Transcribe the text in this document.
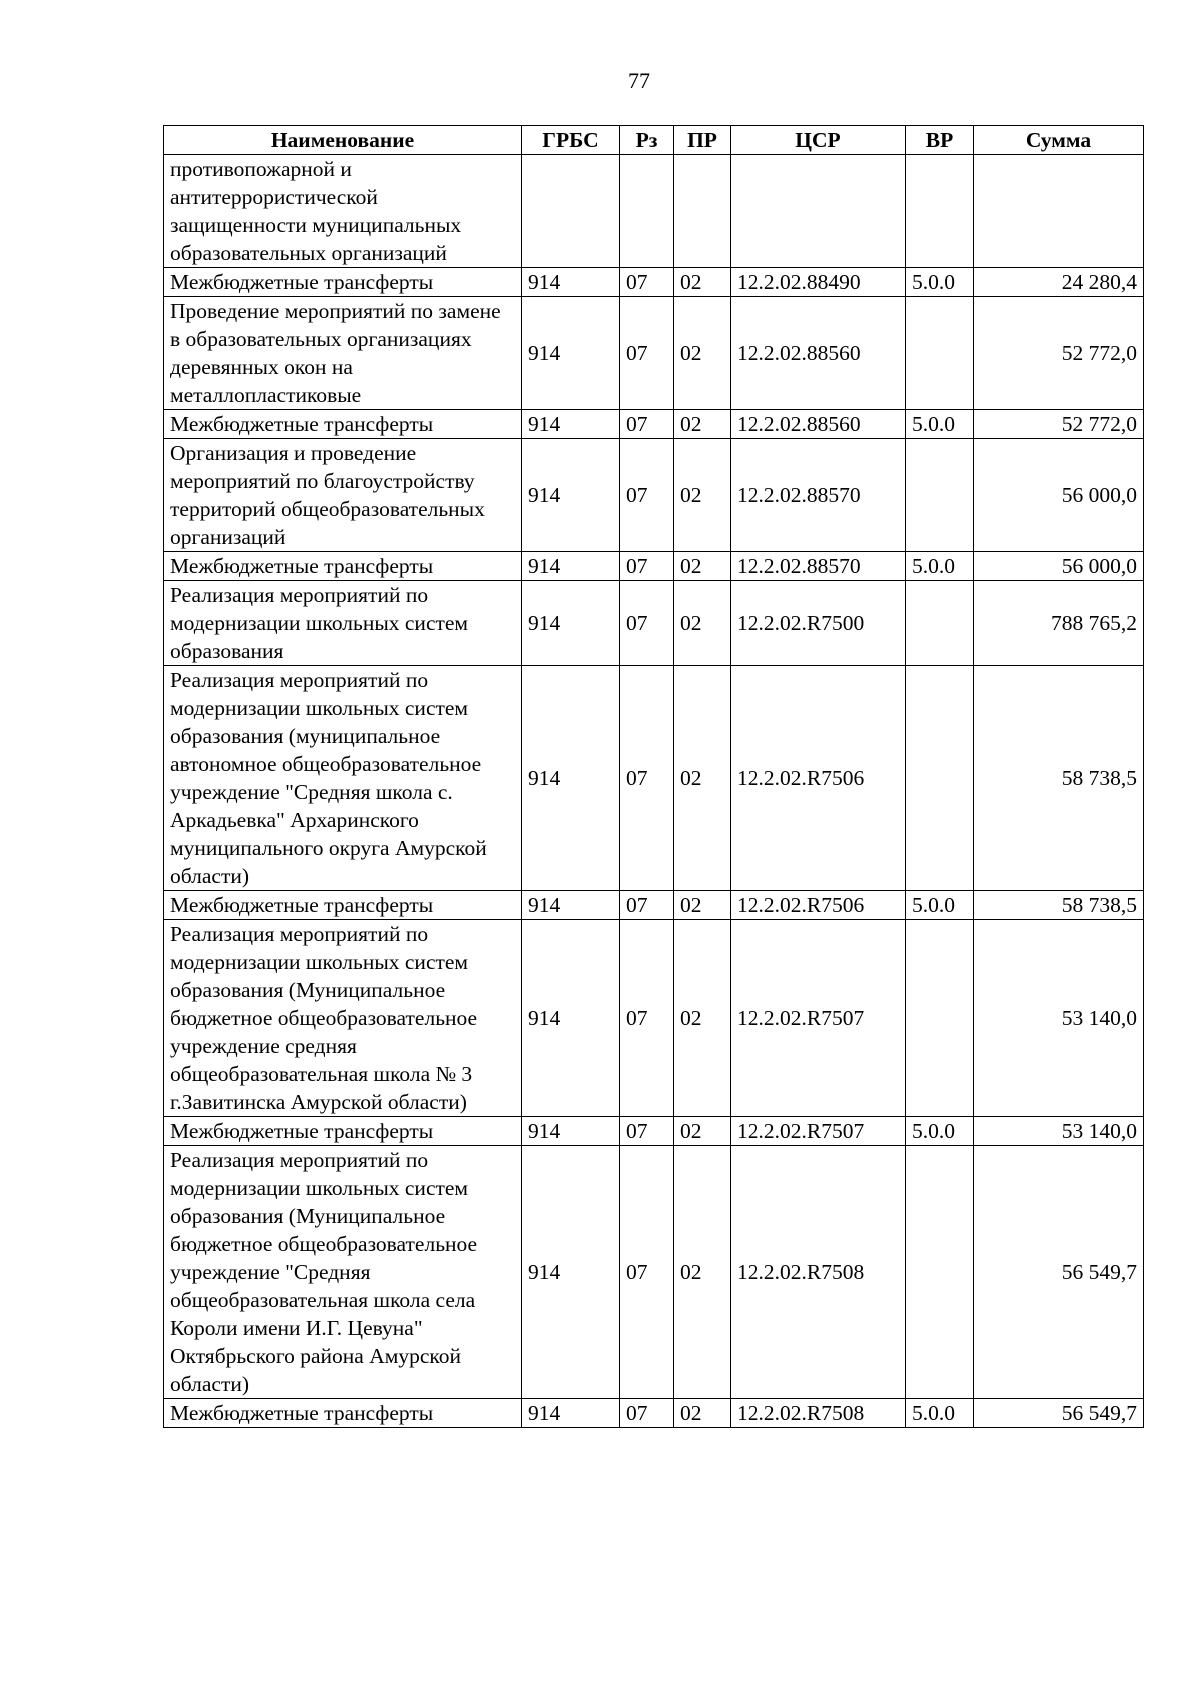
77
Наименование	ГРБС	Рз	ПР	ЦСР	ВР	Сумма
противопожарной и антитеррористической защищенности муниципальных образовательных организаций						
Межбюджетные трансферты	914	07	02	12.2.02.88490	5.0.0	24 280,4
Проведение мероприятий по замене в образовательных организациях деревянных окон на металлопластиковые	914	07	02	12.2.02.88560		52 772,0
Межбюджетные трансферты	914	07	02	12.2.02.88560	5.0.0	52 772,0
Организация и проведение мероприятий по благоустройству территорий общеобразовательных организаций	914	07	02	12.2.02.88570		56 000,0
Межбюджетные трансферты	914	07	02	12.2.02.88570	5.0.0	56 000,0
Реализация мероприятий по модернизации школьных систем образования	914	07	02	12.2.02.R7500		788 765,2
Реализация мероприятий по модернизации школьных систем образования (муниципальное автономное общеобразовательное учреждение "Средняя школа с. Аркадьевка" Архаринского муниципального округа Амурской области)	914	07	02	12.2.02.R7506		58 738,5
Межбюджетные трансферты	914	07	02	12.2.02.R7506	5.0.0	58 738,5
Реализация мероприятий по модернизации школьных систем образования (Муниципальное бюджетное общеобразовательное учреждение средняя общеобразовательная школа № 3 г.Завитинска Амурской области)	914	07	02	12.2.02.R7507		53 140,0
Межбюджетные трансферты	914	07	02	12.2.02.R7507	5.0.0	53 140,0
Реализация мероприятий по модернизации школьных систем образования (Муниципальное бюджетное общеобразовательное учреждение "Средняя общеобразовательная школа села Короли имени И.Г. Цевуна" Октябрьского района Амурской области)	914	07	02	12.2.02.R7508		56 549,7
Межбюджетные трансферты	914	07	02	12.2.02.R7508	5.0.0	56 549,7
